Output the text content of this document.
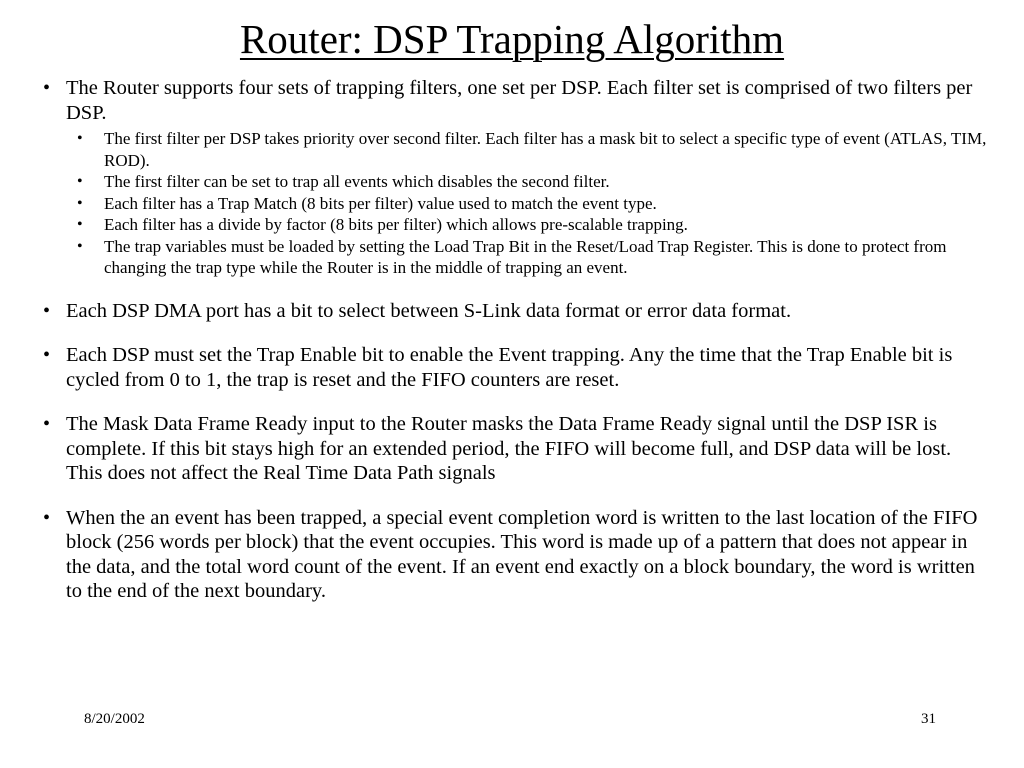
Router: DSP Trapping Algorithm
• The Router supports four sets of trapping filters, one set per DSP. Each filter set is comprised of two filters per DSP.
• The first filter per DSP takes priority over second filter. Each filter has a mask bit to select a specific type of event (ATLAS, TIM, ROD).
• The first filter can be set to trap all events which disables the second filter.
• Each filter has a Trap Match (8 bits per filter) value used to match the event type.
• Each filter has a divide by factor (8 bits per filter) which allows pre-scalable trapping.
• The trap variables must be loaded by setting the Load Trap Bit in the Reset/Load Trap Register. This is done to protect from changing the trap type while the Router is in the middle of trapping an event.
• Each DSP DMA port has a bit to select between S-Link data format or error data format.
• Each DSP must set the Trap Enable bit to enable the Event trapping. Any the time that the Trap Enable bit is cycled from 0 to 1, the trap is reset and the FIFO counters are reset.
• The Mask Data Frame Ready input to the Router masks the Data Frame Ready signal until the DSP ISR is complete. If this bit stays high for an extended period, the FIFO will become full, and DSP data will be lost. This does not affect the Real Time Data Path signals
• When the an event has been trapped, a special event completion word is written to the last location of the FIFO block (256 words per block) that the event occupies. This word is made up of a pattern that does not appear in the data, and the total word count of the event. If an event end exactly on a block boundary, the word is written to the end of the next boundary.
8/20/2002	31
